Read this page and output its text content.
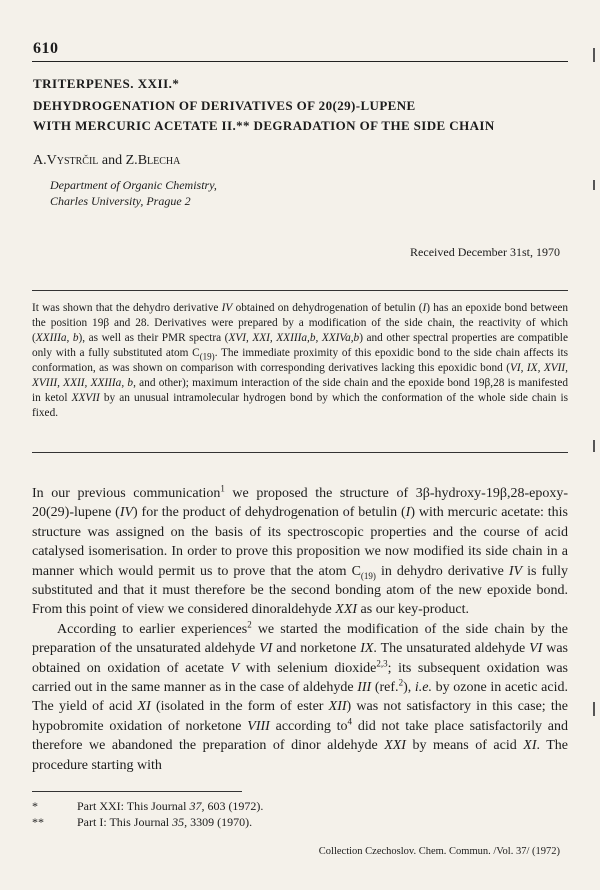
610
TRITERPENES. XXII.*
DEHYDROGENATION OF DERIVATIVES OF 20(29)-LUPENE
WITH MERCURIC ACETATE II.** DEGRADATION OF THE SIDE CHAIN
A.Vystrčil and Z.Blecha
Department of Organic Chemistry,
Charles University, Prague 2
Received December 31st, 1970
It was shown that the dehydro derivative IV obtained on dehydrogenation of betulin (I) has an epoxide bond between the position 19β and 28. Derivatives were prepared by a modification of the side chain, the reactivity of which (XXIIIa, b), as well as their PMR spectra (XVI, XXI, XXIIIa,b, XXIVa,b) and other spectral properties are compatible only with a fully substituted atom $C_{(19)}$. The immediate proximity of this epoxidic bond to the side chain affects its conformation, as was shown on comparison with corresponding derivatives lacking this epoxidic bond (VI, IX, XVII, XVIII, XXII, XXIIIa, b, and other); maximum interaction of the side chain and the epoxide bond 19β,28 is manifested in ketol XXVII by an unusual intramolecular hydrogen bond by which the conformation of the whole side chain is fixed.

In our previous communication$^1$ we proposed the structure of 3β-hydroxy-19β,28-epoxy-20(29)-lupene (IV) for the product of dehydrogenation of betulin (I) with mercuric acetate: this structure was assigned on the basis of its spectroscopic properties and the course of acid catalysed isomerisation. In order to prove this proposition we now modified its side chain in a manner which would permit us to prove that the atom $C_{(19)}$ in dehydro derivative IV is fully substituted and that it must therefore be the second bonding atom of the new epoxide bond. From this point of view we considered dinoraldehyde XXI as our key-product.

According to earlier experiences$^2$ we started the modification of the side chain by the preparation of the unsaturated aldehyde VI and norketone IX. The unsaturated aldehyde VI was obtained on oxidation of acetate V with selenium dioxide$^{2,3}$; its subsequent oxidation was carried out in the same manner as in the case of aldehyde III (ref.$^2$), i.e. by ozone in acetic acid. The yield of acid XI (isolated in the form of ester XII) was not satisfactory in this case; the hypobromite oxidation of norketone VIII according $to^4$ did not take place satisfactorily and therefore we abandoned the preparation of dinor aldehyde XXI by means of acid XI. The procedure starting with

*	Part XXI: This Journal 37, 603 (1972).
**	Part I: This Journal 35, 3309 (1970).
Collection Czechoslov. Chem. Commun. /Vol. 37/ (1972)
